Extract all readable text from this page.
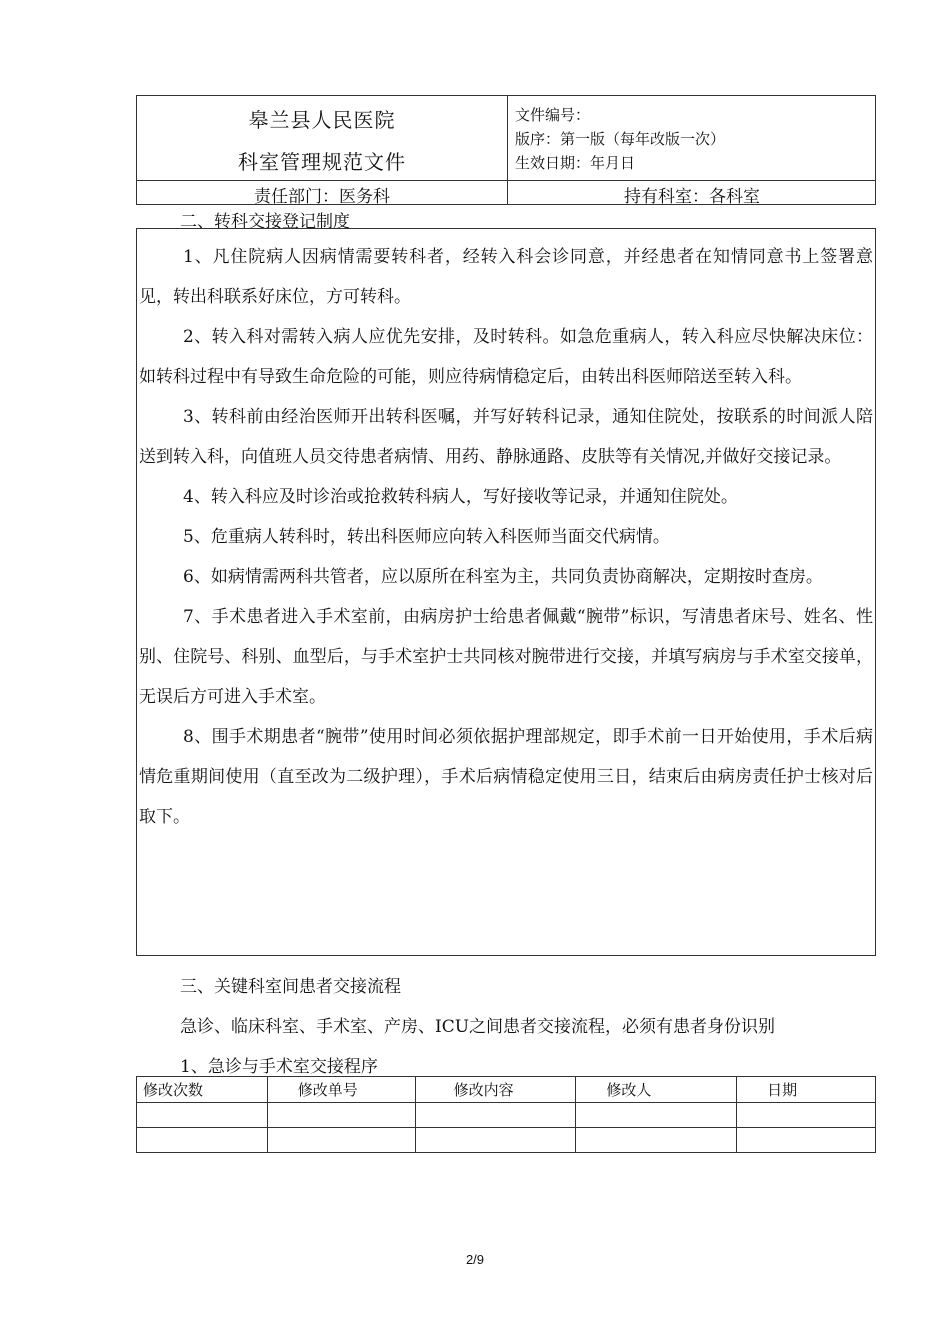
皋兰县人民医院
科室管理规范文件
文件编号：
版序：第一版（每年改版一次）
生效日期：年月日
责任部门：医务科	持有科室：各科室
二、转科交接登记制度

1、凡住院病人因病情需要转科者，经转入科会诊同意，并经患者在知情同意书上签署意见，转出科联系好床位，方可转科。

2、转入科对需转入病人应优先安排，及时转科。如急危重病人，转入科应尽快解决床位：如转科过程中有导致生命危险的可能，则应待病情稳定后，由转出科医师陪送至转入科。

3、转科前由经治医师开出转科医嘱，并写好转科记录，通知住院处，按联系的时间派人陪送到转入科，向值班人员交待患者病情、用药、静脉通路、皮肤等有关情况,并做好交接记录。

4、转入科应及时诊治或抢救转科病人，写好接收等记录，并通知住院处。

5、危重病人转科时，转出科医师应向转入科医师当面交代病情。

6、如病情需两科共管者，应以原所在科室为主，共同负责协商解决，定期按时查房。

7、手术患者进入手术室前，由病房护士给患者佩戴“腕带”标识，写清患者床号、姓名、性别、住院号、科别、血型后，与手术室护士共同核对腕带进行交接，并填写病房与手术室交接单，无误后方可进入手术室。

8、围手术期患者“腕带”使用时间必须依据护理部规定，即手术前一日开始使用，手术后病情危重期间使用（直至改为二级护理），手术后病情稳定使用三日，结束后由病房责任护士核对后取下。

三、关键科室间患者交接流程
急诊、临床科室、手术室、产房、ICU之间患者交接流程，必须有患者身份识别
1、急诊与手术室交接程序
修改次数	修改单号	修改内容	修改人	日期

2/9
